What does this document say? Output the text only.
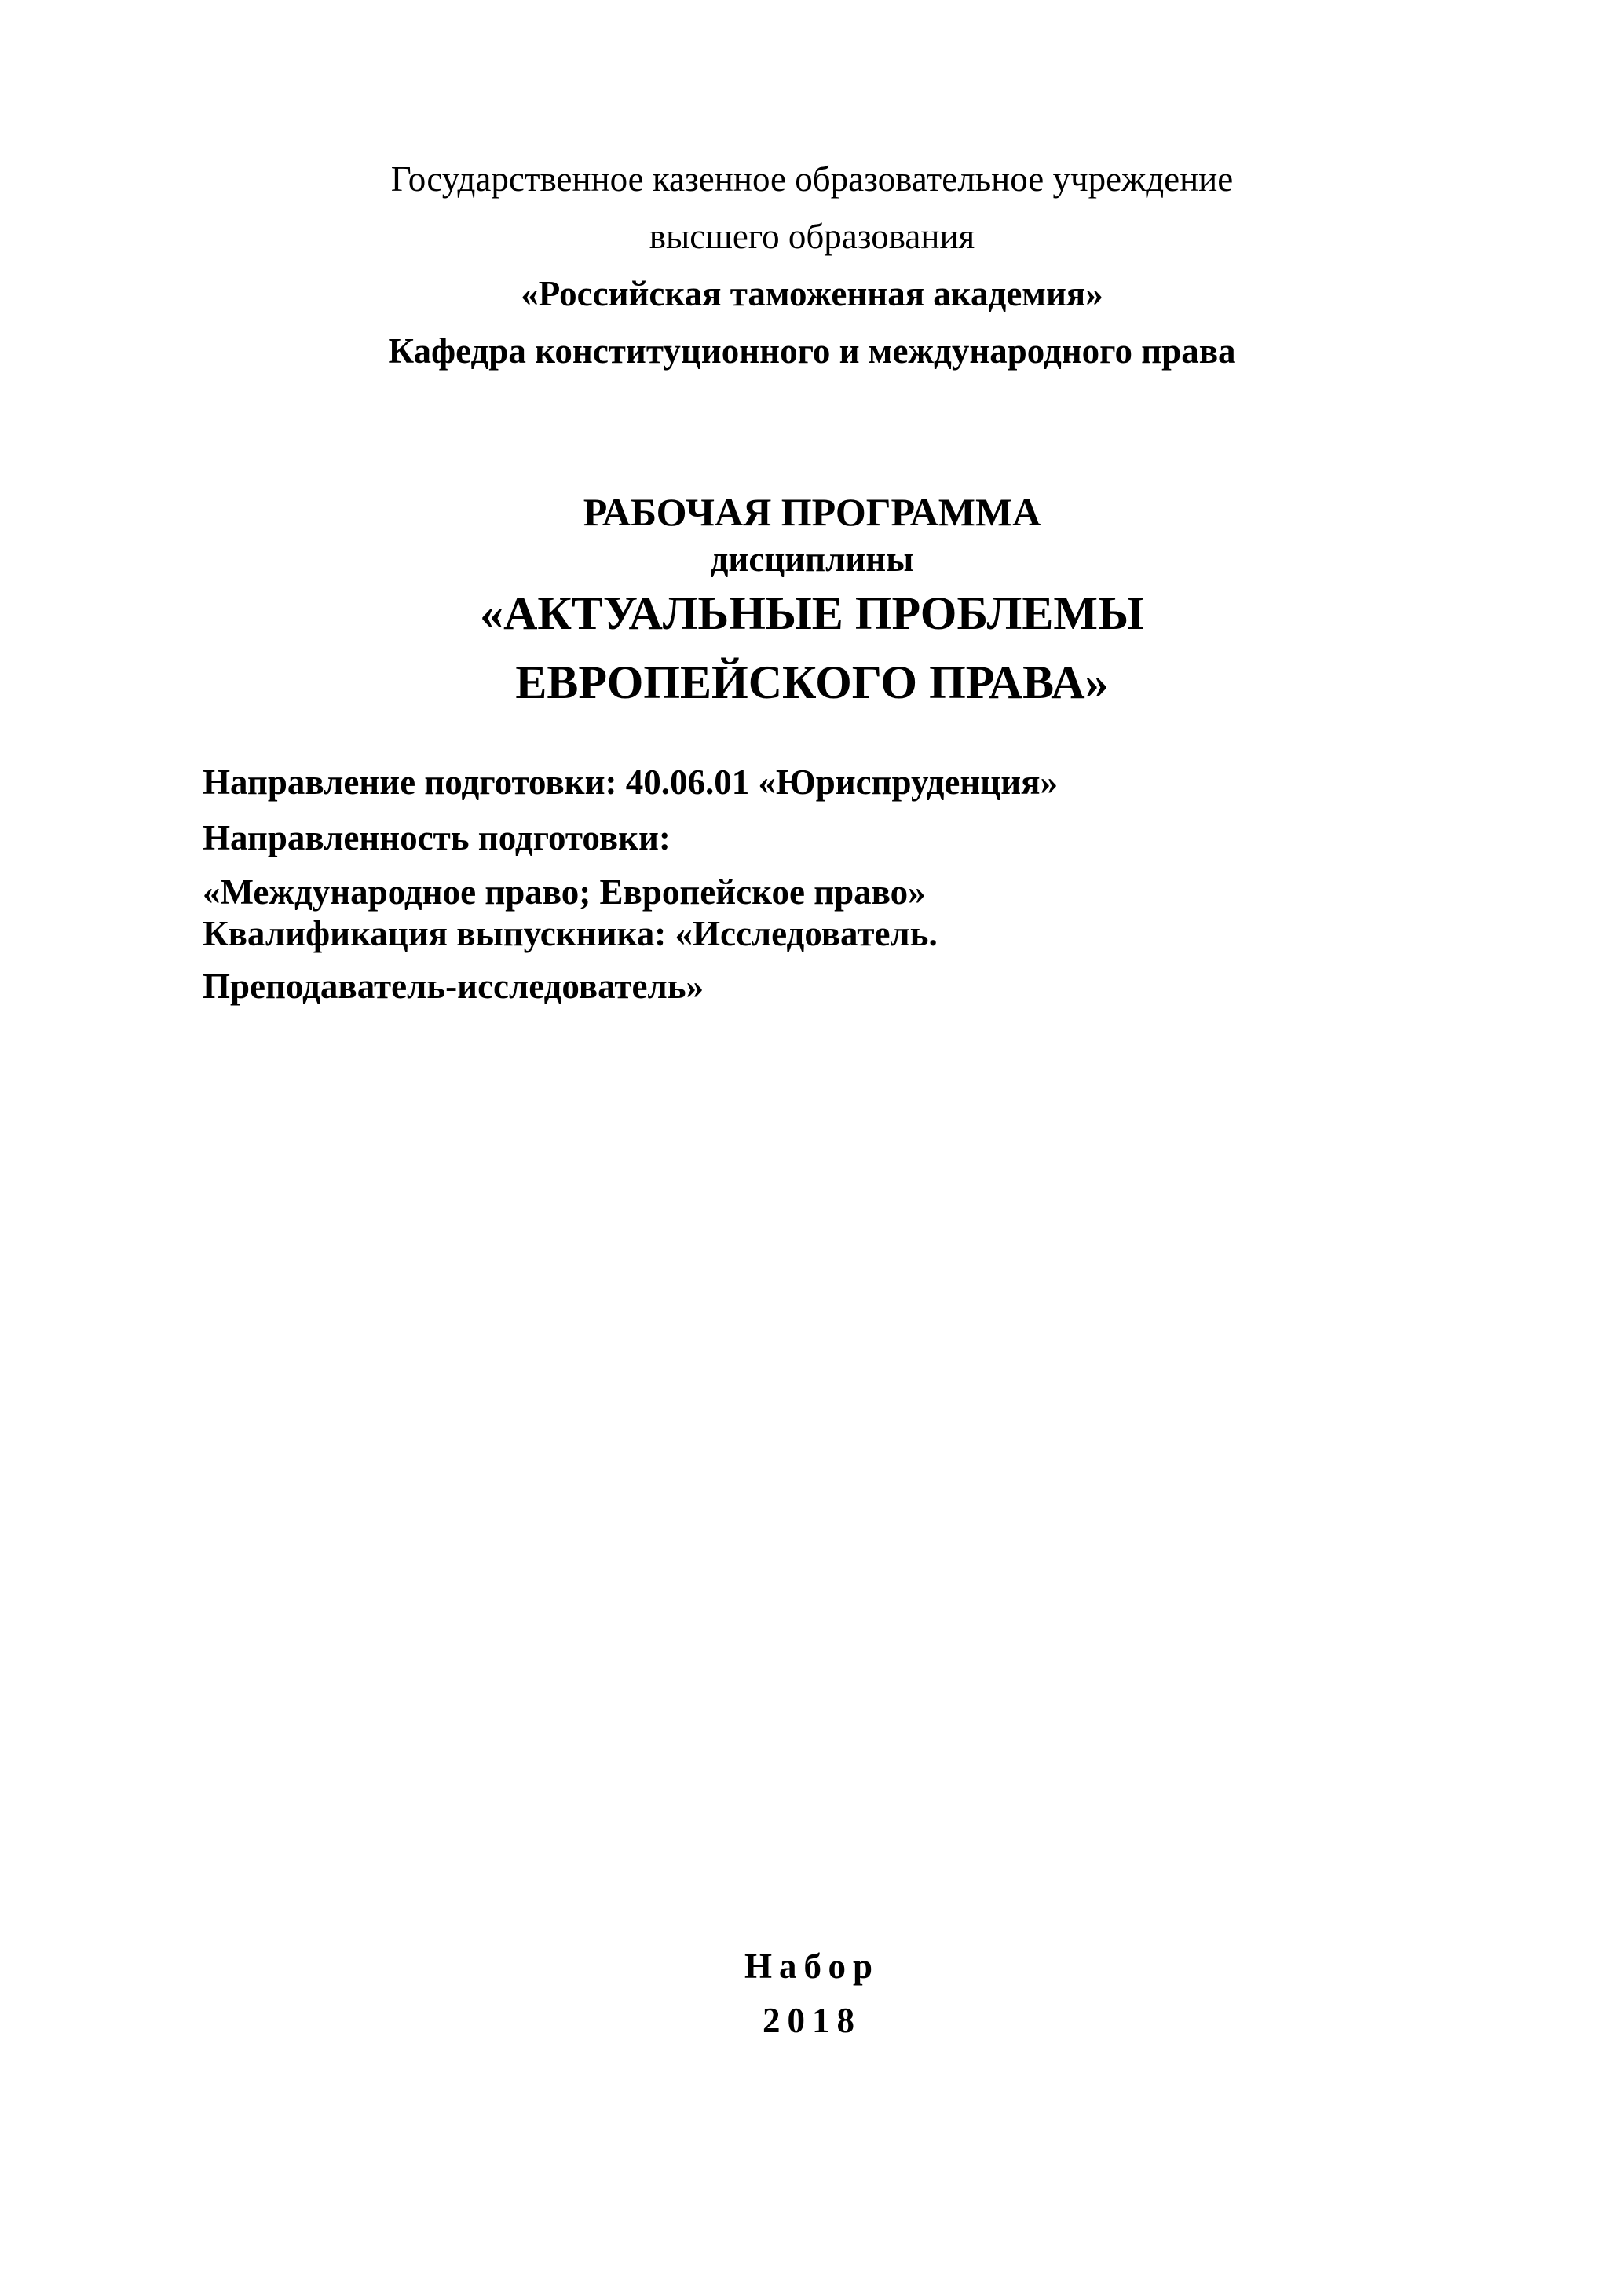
Государственное казенное образовательное учреждение

высшего образования

«Российская таможенная академия»

Кафедра конституционного и международного права

РАБОЧАЯ ПРОГРАММА

дисциплины

«АКТУАЛЬНЫЕ ПРОБЛЕМЫ

ЕВРОПЕЙСКОГО ПРАВА»

Направление подготовки: 40.06.01 «Юриспруденция»

Направленность подготовки:

«Международное право; Европейское право»

Квалификация выпускника: «Исследователь.

Преподаватель-исследователь»

Набор

2018
